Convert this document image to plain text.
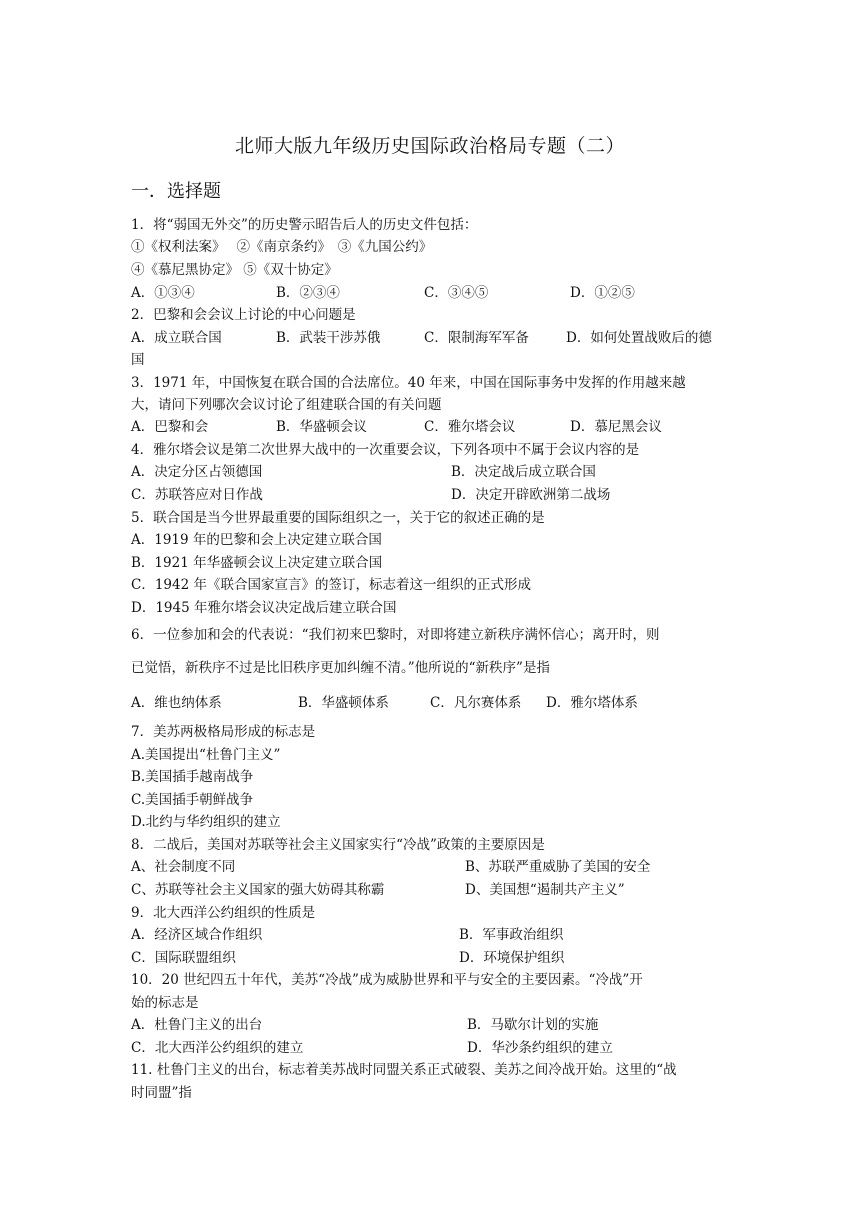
北师大版九年级历史国际政治格局专题（二）
一．选择题
1．将“弱国无外交”的历史警示昭告后人的历史文件包括：
①《权利法案》　 ②《南京条约》　③《九国公约》
④《慕尼黑协定》 ⑤《双十协定》
A．①③④	B．②③④	C．③④⑤	D．①②⑤
2．巴黎和会会议上讨论的中心问题是
A．成立联合国	B．武装干涉苏俄	C．限制海军军备	D．如何处置战败后的德
国
3．1971 年，中国恢复在联合国的合法席位。40 年来，中国在国际事务中发挥的作用越来越
大，请问下列哪次会议讨论了组建联合国的有关问题
A．巴黎和会	B．华盛顿会议	C．雅尔塔会议	D．慕尼黑会议
4．雅尔塔会议是第二次世界大战中的一次重要会议，下列各项中不属于会议内容的是
A．决定分区占领德国	B．决定战后成立联合国
C．苏联答应对日作战	D．决定开辟欧洲第二战场
5．联合国是当今世界最重要的国际组织之一，关于它的叙述正确的是
A．1919 年的巴黎和会上决定建立联合国
B．1921 年华盛顿会议上决定建立联合国
C．1942 年《联合国家宣言》的签订，标志着这一组织的正式形成
D．1945 年雅尔塔会议决定战后建立联合国
6．一位参加和会的代表说：“我们初来巴黎时，对即将建立新秩序满怀信心；离开时，则
已觉悟，新秩序不过是比旧秩序更加纠缠不清。”他所说的“新秩序”是指
A．维也纳体系	B．华盛顿体系	C．凡尔赛体系 D．雅尔塔体系
7．美苏两极格局形成的标志是
A.美国提出“杜鲁门主义”
B.美国插手越南战争
C.美国插手朝鲜战争
D.北约与华约组织的建立
8．二战后，美国对苏联等社会主义国家实行“冷战”政策的主要原因是
A、社会制度不同	B、苏联严重威胁了美国的安全
C、苏联等社会主义国家的强大妨碍其称霸	D、美国想“遏制共产主义”
9．北大西洋公约组织的性质是
A．经济区域合作组织	B．军事政治组织
C．国际联盟组织	D．环境保护组织
10．20 世纪四五十年代，美苏“冷战”成为威胁世界和平与安全的主要因素。“冷战”开
始的标志是
A．杜鲁门主义的出台	B．马歇尔计划的实施
C．北大西洋公约组织的建立	D．华沙条约组织的建立
11. 杜鲁门主义的出台，标志着美苏战时同盟关系正式破裂、美苏之间冷战开始。这里的“战
时同盟”指
